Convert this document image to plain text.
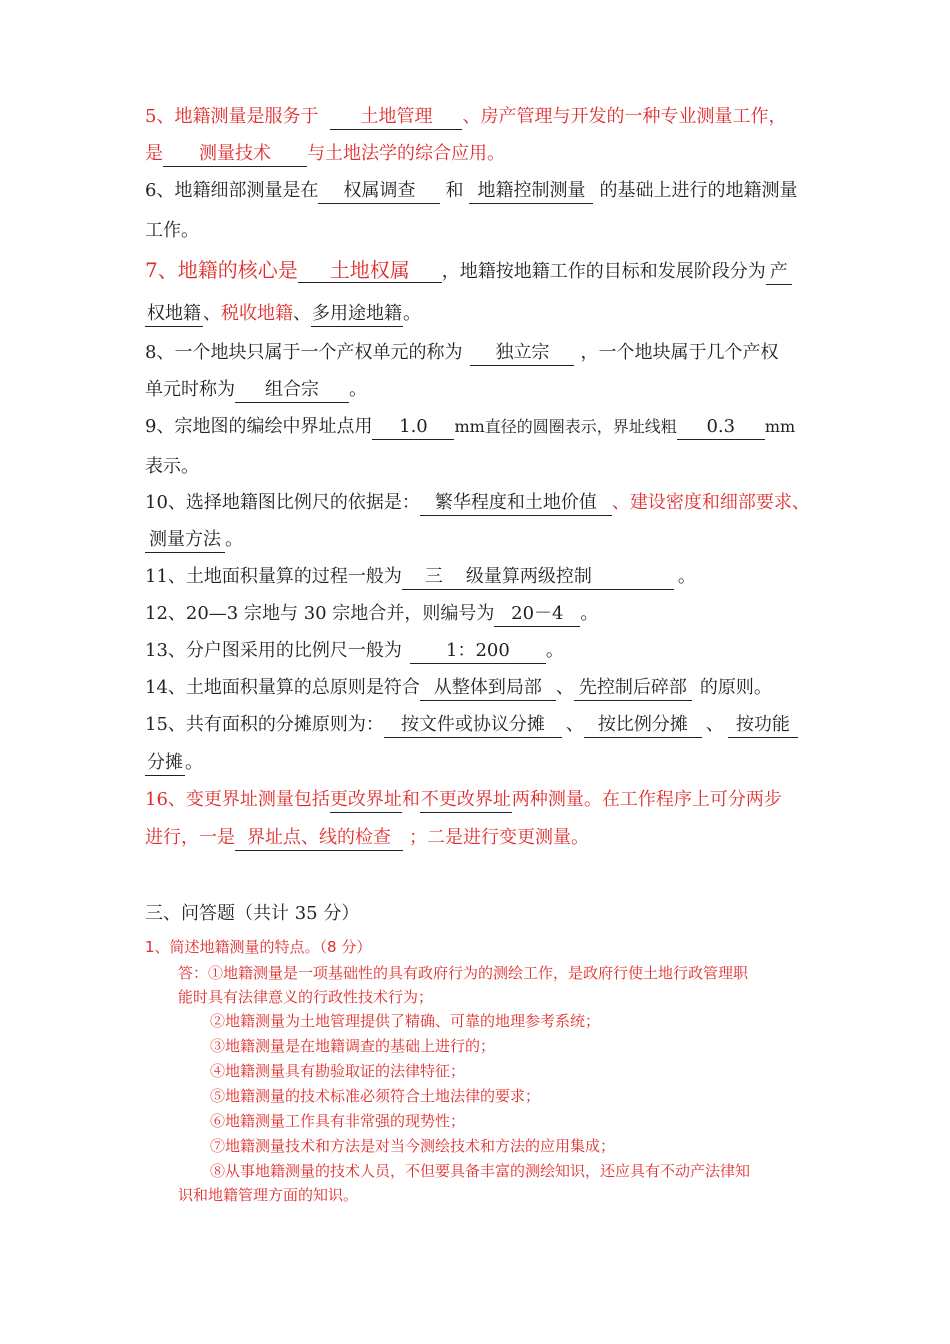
5、地籍测量是服务于 土地管理 、房产管理与开发的一种专业测量工作，
是 测量技术 与土地法学的综合应用。
6、地籍细部测量是在 权属调查 和 地籍控制测量 的基础上进行的地籍测量
工作。
7、地籍的核心是 土地权属 ，地籍按地籍工作的目标和发展阶段分为 产
权地籍 、税收地籍、多用途地籍。
8、一个地块只属于一个产权单元的称为 独立宗 ，一个地块属于几个产权
单元时称为 组合宗 。
9、宗地图的编绘中界址点用 1.0 mm直径的圆圈表示，界址线粗 0.3 mm
表示。
10、选择地籍图比例尺的依据是： 繁华程度和土地价值 、建设密度和细部要求、
测量方法 。
11、土地面积量算的过程一般为 三 级量算两级控制	。
12、20—3 宗地与 30 宗地合并，则编号为 20－4 。
13、分户图采用的比例尺一般为 1：200 。
14、土地面积量算的总原则是符合 从整体到局部 、 先控制后碎部 的原则。
15、共有面积的分摊原则为： 按文件或协议分摊 、 按比例分摊 、 按功能
分摊 。
16、变更界址测量包括更改界址和不更改界址两种测量。在工作程序上可分两步
进行，一是 界址点、线的检查 ；二是进行变更测量。
三、问答题（共计 35 分）
1、简述地籍测量的特点。（8 分）
答：①地籍测量是一项基础性的具有政府行为的测绘工作，是政府行使土地行政管理职
能时具有法律意义的行政性技术行为；
②地籍测量为土地管理提供了精确、可靠的地理参考系统；
③地籍测量是在地籍调查的基础上进行的；
④地籍测量具有勘验取证的法律特征；
⑤地籍测量的技术标准必须符合土地法律的要求；
⑥地籍测量工作具有非常强的现势性；
⑦地籍测量技术和方法是对当今测绘技术和方法的应用集成；
⑧从事地籍测量的技术人员，不但要具备丰富的测绘知识，还应具有不动产法律知
识和地籍管理方面的知识。
